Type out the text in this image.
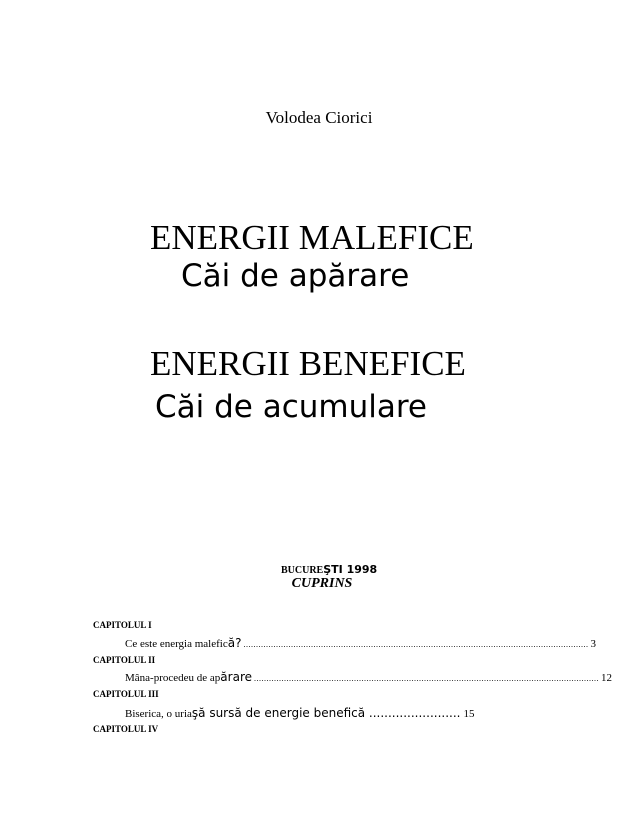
Volodea Ciorici
ENERGII MALEFICE
Căi de apărare
ENERGII BENEFICE
Căi de acumulare
BUCUREŞTI 1998
CUPRINS
CAPITOLUL I
Ce este energia malefic ă? .......................................................................................................................................... 3
CAPITOLUL II
Mâna-procedeu de ap ărare .......................................................................................................................................... 12
CAPITOLUL III
Biserica, o uria şă sursă de energie benefică ........................ 15
CAPITOLUL IV
